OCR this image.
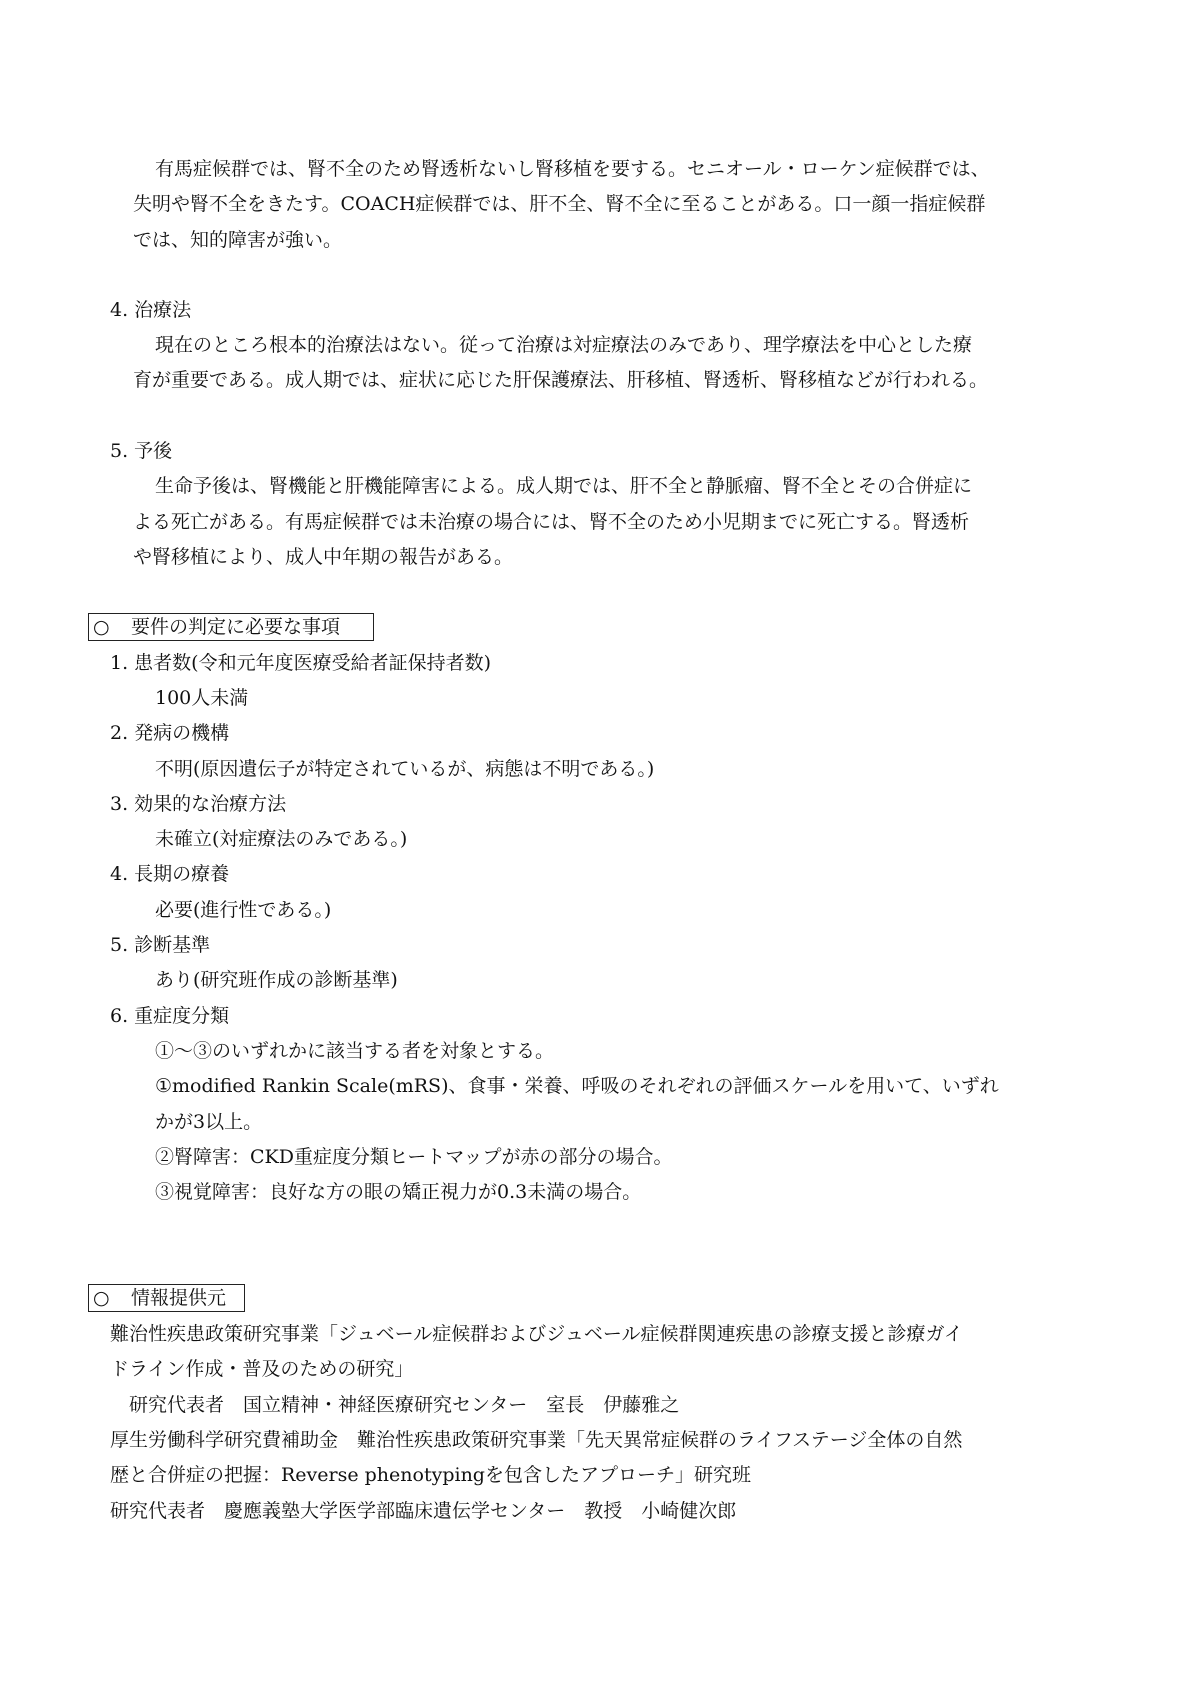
有馬症候群では、腎不全のため腎透析ないし腎移植を要する。セニオール・ローケン症候群では、
失明や腎不全をきたす。COACH症候群では、肝不全、腎不全に至ることがある。口一顔一指症候群
では、知的障害が強い。
4. 治療法
現在のところ根本的治療法はない。従って治療は対症療法のみであり、理学療法を中心とした療
育が重要である。成人期では、症状に応じた肝保護療法、肝移植、腎透析、腎移植などが行われる。
5. 予後
生命予後は、腎機能と肝機能障害による。成人期では、肝不全と静脈瘤、腎不全とその合併症に
よる死亡がある。有馬症候群では未治療の場合には、腎不全のため小児期までに死亡する。腎透析
や腎移植により、成人中年期の報告がある。
○ 要件の判定に必要な事項
1. 患者数(令和元年度医療受給者証保持者数)
100人未満
2. 発病の機構
不明(原因遺伝子が特定されているが、病態は不明である。)
3. 効果的な治療方法
未確立(対症療法のみである。)
4. 長期の療養
必要(進行性である。)
5. 診断基準
あり(研究班作成の診断基準)
6. 重症度分類
①～③のいずれかに該当する者を対象とする。
①modified Rankin Scale(mRS)、食事・栄養、呼吸のそれぞれの評価スケールを用いて、いずれ
かが3以上。
②腎障害：CKD重症度分類ヒートマップが赤の部分の場合。
③視覚障害：良好な方の眼の矯正視力が0.3未満の場合。
○ 情報提供元
難治性疾患政策研究事業「ジュベール症候群およびジュベール症候群関連疾患の診療支援と診療ガイ
ドライン作成・普及のための研究」
　研究代表者　国立精神・神経医療研究センター　室長　伊藤雅之
厚生労働科学研究費補助金　難治性疾患政策研究事業「先天異常症候群のライフステージ全体の自然
歴と合併症の把握：Reverse phenotypingを包含したアプローチ」研究班
研究代表者　慶應義塾大学医学部臨床遺伝学センター　教授　小崎健次郎
